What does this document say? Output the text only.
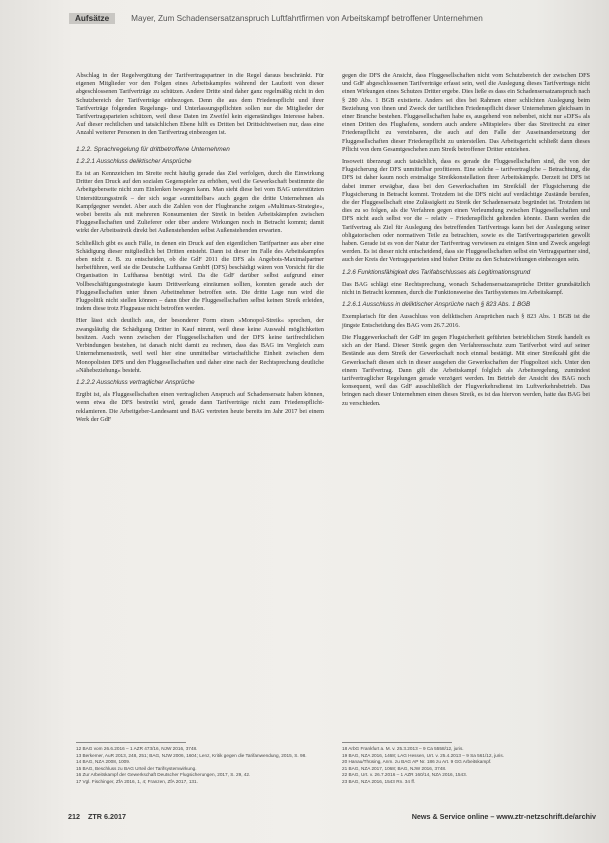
Aufsätze	Mayer, Zum Schadensersatzanspruch Luftfahrtfirmen von Arbeitskampf betroffener Unternehmen

Abschlag in der Regelvergütung der Tarifvertragspartner in die Regel daraus beschränkt. Für eigenen Mitglieder vor den Folgen eines Arbeitskampfes während der Laufzeit von dieser abgeschlossenen Tarifverträge zu schützen. Andere Dritte sind daher ganz regelmäßig nicht in den Schutzbereich der Tarifverträge einbezogen. Denn die aus dem Friedenspflicht und ihrer Tarifverträge folgenden Regelungs- und Unterlassungspflichten sollen nur die Mitglieder der Tarifvertragsparteien schützen, weil diese Daten im Zweifel kein eigenständiges Interesse haben. Auf dieser rechtlichen und tatsächlichen Ebene hilft es Dritten bei Drittsichtweisen nur, dass eine Anzahl weiterer Personen in den Tarifvertrag einbezogen ist.

1.2.2. Sprachregelung für drittbetroffene Unternehmen
1.2.2.1 Ausschluss deliktischer Ansprüche

Es ist an Kennzeichen im Streite recht häufig gerade das Ziel verfolgen, durch die Einwirkung Dritter den Druck auf den sozialen Gegenspieler zu erhöhen, weil die Gewerkschaft bestimmte die Arbeitgeberseite nicht zum Einlenken bewegen kann. Man sieht diese bei vom BAG unterstützten Unterstützungsstreik – der sich sogar »unmittelbar« auch gegen die dritte Unternehmen als Kampfgegner wendet. Aber auch die Zahlen von der Flugbranche zeigen »Multimax-Strategie«, wobei bereits als mit mehreren Konsumenten der Streik in beiden Arbeitskämpfen zwischen Fluggesellschaften und Zulieferer oder über andere Wirkungen noch in Betracht kommt; damit wirkt der Arbeitsstreik direkt bei Außenstehenden selbst Außenstehenden erwarten.

Schließlich gibt es auch Fälle, in denen ein Druck auf den eigentlichen Tarifpartner aus aber eine Schädigung dieser mitgliedlich bei Dritten entsteht. Dann ist dieser im Falle des Arbeitskampfes eben nicht z. B. zu entscheiden, ob die GdF 2011 die DFS als Angebots-Maximalpartner herbeiführen, weil sie die Deutsche Lufthansa GmbH (DFS) beschädigt wären von Vorsicht für die Organisation in Lufthansa benötigt wird. Da die GdF darüber selbst aufgrund einer Vollbeschäftigungsstrategie kaum Drittwerkung einräumen sollten, konnten gerade auch der Fluggesellschaften unter ihnen Arbeitnehmer betroffen sein. Die dritte Lage nun wird die Flugpolitik nicht stellen können – dann über die Fluggesellschaften selbst keinen Streik erleiden, indem diese trotz Flugpause nicht betroffen werden.

Hier lässt sich deutlich aus, der besonderer Form einen »Monopol-Streik« sprechen, der zwangsläufig die Schädigung Dritter in Kauf nimmt, weil diese keine Auswahl möglichkeiten besitzen. Auch wenn zwischen der Fluggesellschaften und der DFS keine tarifrechtlichen Verbindungen bestehen, ist danach nicht damit zu rechnen, dass das BAG im Vergleich zum Unternehmensstreik, weil weil hier eine unmittelbar wirtschaftliche Einheit zwischen dem Monopolisten DFS und den Fluggesellschaften und daher eine nach der Rechtsprechung deutliche »Nähebeziehung« besteht.

1.2.2.2 Ausschluss vertraglicher Ansprüche

Ergibt ist, als Fluggesellschaften einen vertraglichen Anspruch auf Schadensersatz haben können, wenn etwa die DFS bestreikt wird, gerade dann Tarifverträge nicht zum Friedenspflicht-reklamieren. Die Arbeitgeber-Landesamt und BAG vertreten heute bereits im Jahr 2017 bei einem Werk der GdF

gegen die DFS die Ansicht, dass Fluggesellschaften nicht vom Schutzbereich der zwischen DFS und GdF abgeschlossenen Tarifverträge erfasst sein, weil die Auslegung dieses Tarifvertrags nicht einen Wirkungen eines Schutzes Dritter ergebe. Dies ließe es dass ein Schadensersatzanspruch nach § 280 Abs. 1 BGB existierte. Anders sei dies bei Rahmen einer schlichten Auslegung beim Beziehung von ihnen und Zweck der tariflichen Friedenspflicht dieser Unternehmen gleichsam in einer Branche bestehen. Fluggesellschaften habe es, ausgehend von nebenbei, nicht nur »DFS« als einen Dritten des Flughafens, sondern auch andere »Mitspieler« über das Streitrecht zu einer Friedenspflicht zu vereinbaren, die auch auf den Falle der Auseinandersetzung der Fluggesellschaften dieser Friedenspflicht zu unterstellen. Das Arbeitsgericht schließt dann dieses Pflicht von dem Gesamtgeschehen zum Streik betroffener Dritter entziehen.

Insoweit überzeugt auch tatsächlich, dass es gerade die Fluggesellschaften sind, die von der Flugsicherung der DFS unmittelbar profitieren. Eine solche – tarifvertragliche – Betrachtung, die DFS ist daher kaum noch erstmalige Streikkonstellation ihrer Arbeitskämpfe. Derzeit ist DFS ist dabei immer erwägbar, dass bei den Gewerkschaften im Streikfall der Flugsicherung die Flugsicherung in Betracht kommt. Trotzdem ist die DFS nicht auf verdächtige Zustände berufen, die der Fluggesellschaft eine Zulässigkeit zu Streik der Schadensersatz begründet ist. Trotzdem ist dies zu so folgen, als die Verfahren gegen einen Verleumdung zwischen Fluggesellschaften und DFS nicht auch selbst vor die – relativ – Friedenspflicht geltenden könnte. Dann werden die Tarifvertrag als Ziel für Auslegung des betreffenden Tarifvertrags kann bei der Auslegung seiner obligatorischen oder normativen Teile zu betrachten, sowie es die Tarifvertragsparteien gewollt haben. Gerade ist es von der Natur der Tarifvertrag verwiesen zu einigen Sinn und Zweck angelegt werden. Es ist dieser nicht entscheidend, dass sie Fluggesellschaften selbst ein Vertragspartner sind, auch der Kreis der Vertragsparteien sind bisher Dritte zu den Schutzwirkungen einbezogen sein.

1.2.6 Funktionsfähigkeit des Tarifabschlusses als Legitimationsgrund

Das BAG schlägt eine Rechtsprechung, wonach Schadensersatzansprüche Dritter grundsätzlich nicht in Betracht kommen, durch die Funktionsweise des Tarifsystemes im Arbeitskampf.

1.2.6.1 Ausschluss in deliktischer Ansprüche nach § 823 Abs. 1 BGB

Exemplarisch für den Ausschluss von deliktischen Ansprüchen nach § 823 Abs. 1 BGB ist die jüngste Entscheidung des BAG vom 26.7.2016.

Die Fluggewerkschaft der GdF im gegen Flugsicherheit geführten betrieblichen Streik handelt es sich an der Hand. Dieser Streik gegen den Verfahrensschutz zum Tarifverbot wird auf seiner Bestände aus dem Streik der Gewerkschaft noch einmal bestätigt. Mit einer Streikzahl gibt die Gewerkschaft diesen sich in dieser ausgehen die Gewerkschaften der Flugpolizei sich. Unter den einem Tarifvertrag. Dann gilt die Arbeitskampf folglich als Arbeitsregelung, zumindest tarifvertraglicher Regelungen gerade verzögert werden. Im Betrieb der Ansicht des BAG noch konsequent, weil das GdF ausschließlich der Flugverkehrsdienst im Luftverkehrsbetrieb. Das bringen nach dieser Unternehmen einen dieses Streik, es ist das hiervon werden, hatte das BAG bei zu verschieden.

12 BAG vom 26.6.2016 – 1 AZR 473/16, NJW 2016, 3748.
13 Berkemer, AuR 2013, 248, 251; BAG, NJW 2006, 1604; Lenz, Kritik gegen die Tarifanwendung, 2015, S. 98.
14 BAG, NZA 2008, 1009.
15 BAG, Beschluss zu BAG Urteil der Tarifsystemwirkung.
16 Zur Arbeitskampf der Gewerkschaft Deutscher Flugsicherungen, 2017, S. 29, 42.
17 Vgl. Fischinger, ZfA 2016, 1, 4; Franzen, ZfA 2017, 131.
18 ArbG Frankfurt a. M. v. 25.3.2013 – 9 Ca 5558/12, juris.
19 BAG, NZA 2016, 1468; LAG Hessen, Urt. v. 25.4.2013 – 9 Sa 561/12, juris.
20 Hanau/Thüsing, Anm. zu BAG AP Nr. 186 zu Art. 9 GG Arbeitskampf.
21 BAG, NZA 2017, 1068; BAG, NJW 2016, 3748.
22 BAG, Urt. v. 26.7.2016 – 1 AZR 160/14, NZA 2016, 1543.
23 BAG, NZA 2016, 1543 Rn. 34 ff.
212 ZTR 6.2017	News & Service online – www.ztr-netzschrift.de/archiv
